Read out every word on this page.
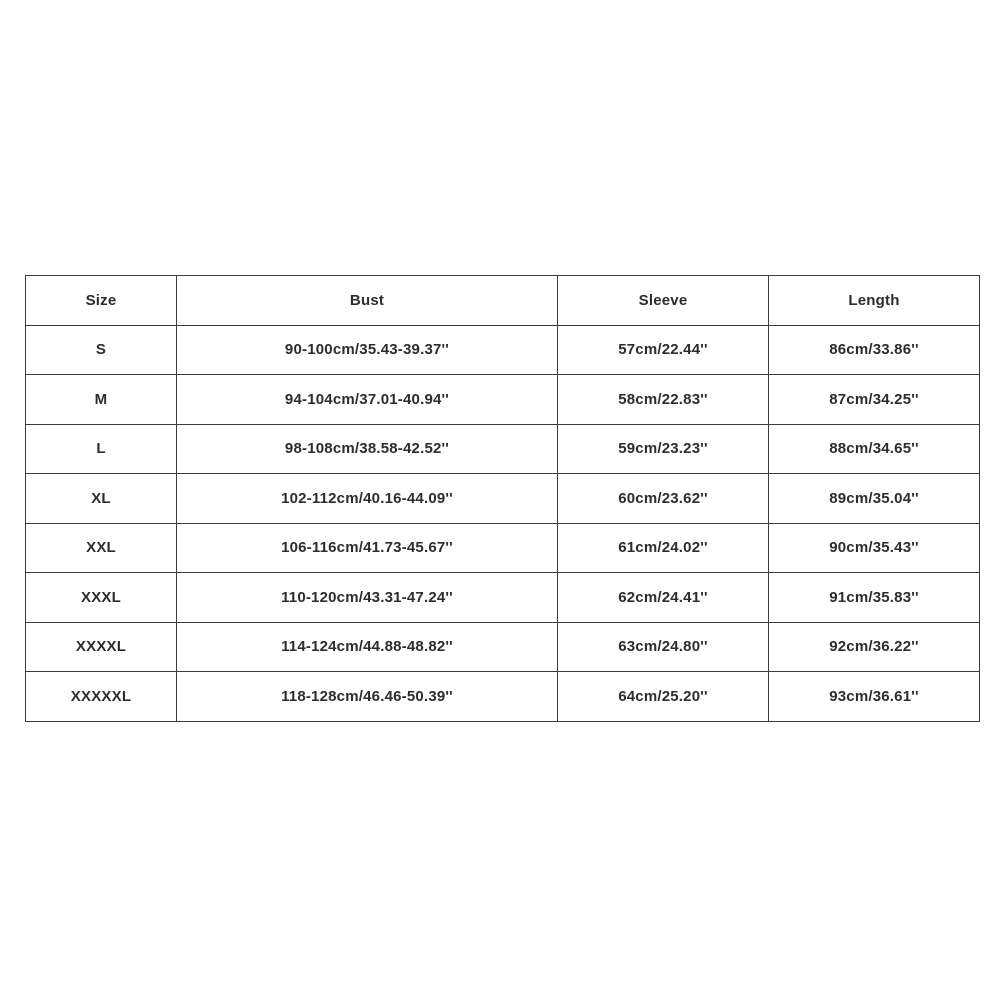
Size	Bust	Sleeve	Length
S	90-100cm/35.43-39.37''	57cm/22.44''	86cm/33.86''
M	94-104cm/37.01-40.94''	58cm/22.83''	87cm/34.25''
L	98-108cm/38.58-42.52''	59cm/23.23''	88cm/34.65''
XL	102-112cm/40.16-44.09''	60cm/23.62''	89cm/35.04''
XXL	106-116cm/41.73-45.67''	61cm/24.02''	90cm/35.43''
XXXL	110-120cm/43.31-47.24''	62cm/24.41''	91cm/35.83''
XXXXL	114-124cm/44.88-48.82''	63cm/24.80''	92cm/36.22''
XXXXXL	118-128cm/46.46-50.39''	64cm/25.20''	93cm/36.61''
